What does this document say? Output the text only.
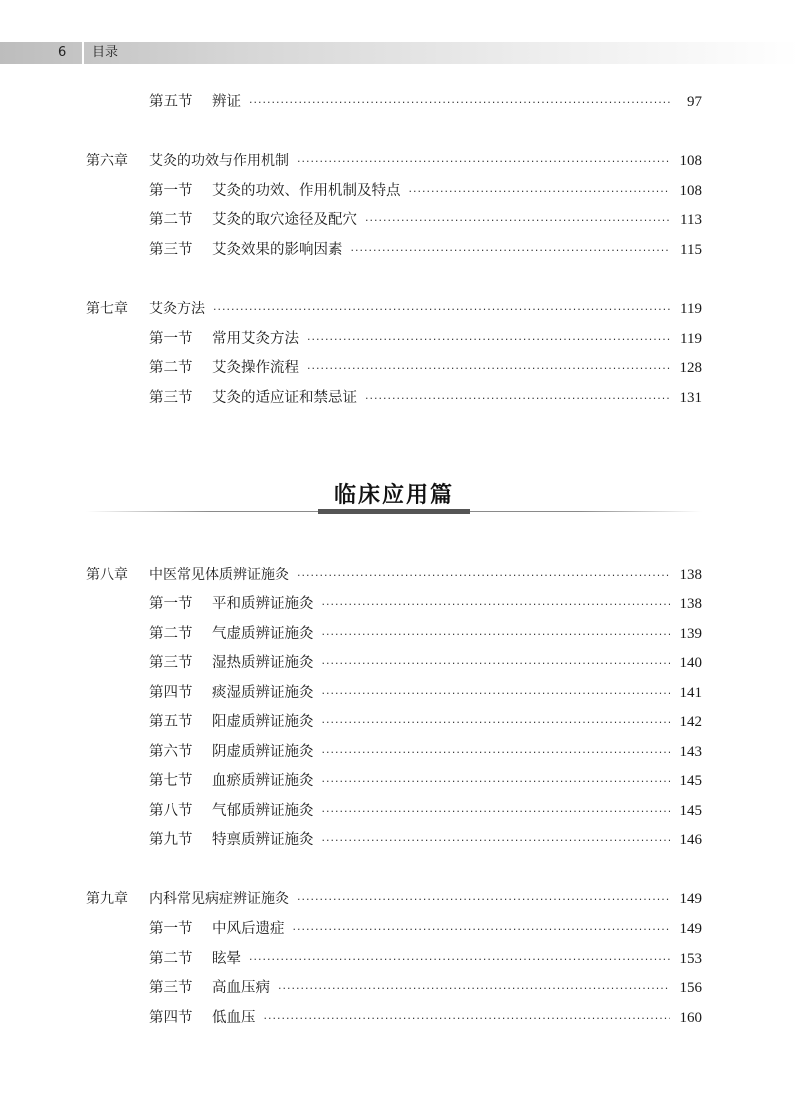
6 目录
临床应用篇
第五节	辨证 ·····	97
第六章	艾灸的功效与作用机制 ·····	108
第一节	艾灸的功效、作用机制及特点 ·····	108
第二节	艾灸的取穴途径及配穴 ·····	113
第三节	艾灸效果的影响因素 ·····	115
第七章	艾灸方法 ·····	119
第一节	常用艾灸方法 ·····	119
第二节	艾灸操作流程 ·····	128
第三节	艾灸的适应证和禁忌证 ·····	131
第八章	中医常见体质辨证施灸 ·····	138
第一节	平和质辨证施灸 ·····	138
第二节	气虚质辨证施灸 ·····	139
第三节	湿热质辨证施灸 ·····	140
第四节	痰湿质辨证施灸 ·····	141
第五节	阳虚质辨证施灸 ·····	142
第六节	阴虚质辨证施灸 ·····	143
第七节	血瘀质辨证施灸 ·····	145
第八节	气郁质辨证施灸 ·····	145
第九节	特禀质辨证施灸 ·····	146
第九章	内科常见病症辨证施灸 ·····	149
第一节	中风后遗症 ·····	149
第二节	眩晕 ·····	153
第三节	高血压病 ·····	156
第四节	低血压 ·····	160
